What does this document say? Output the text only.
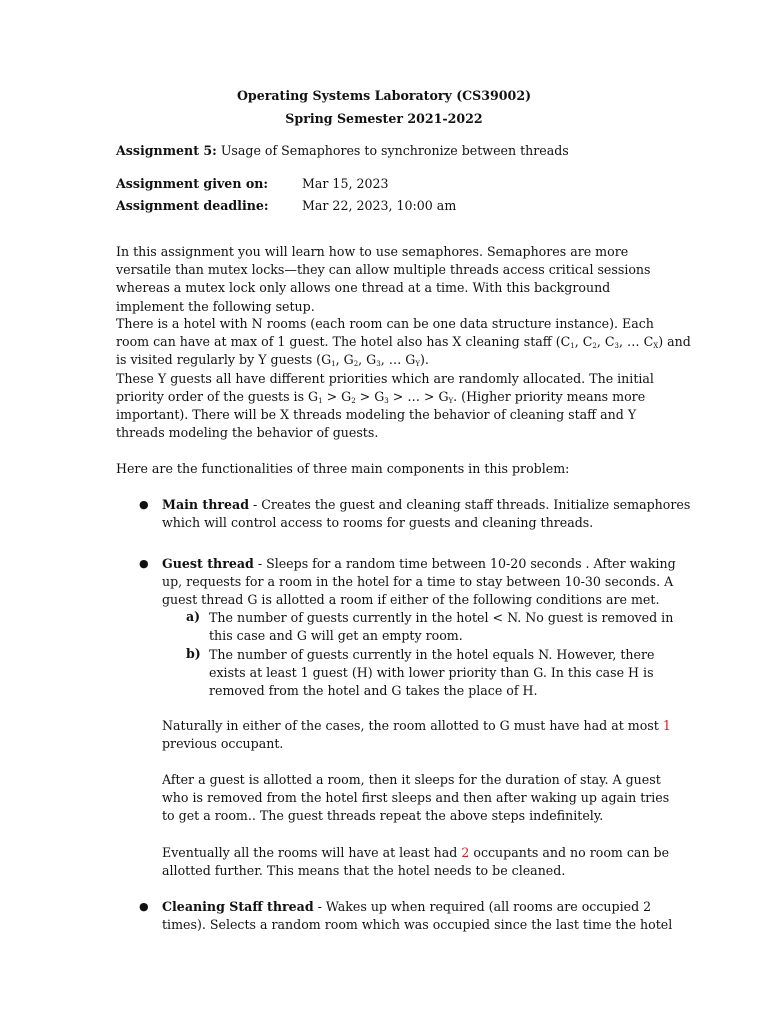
Operating Systems Laboratory (CS39002)
Spring Semester 2021-2022
Assignment 5: Usage of Semaphores to synchronize between threads
Assignment given on:	Mar 15, 2023
Assignment deadline:	Mar 22, 2023, 10:00 am
In this assignment you will learn how to use semaphores. Semaphores are more versatile than mutex locks—they can allow multiple threads access critical sessions whereas a mutex lock only allows one thread at a time. With this background implement the following setup.
There is a hotel with N rooms (each room can be one data structure instance). Each
room can have at max of 1 guest. The hotel also has X cleaning staff ($C_1$, $C_2$, $C_3$, … $C_X$) and
is visited regularly by Y guests ($G_1$, $G_2$, $G_3$, … $G_Y$).
These Y guests all have different priorities which are randomly allocated. The initial
priority order of the guests is $G_1 > G_2 > G_3$ > … > $G_Y$. (Higher priority means more
important). There will be X threads modeling the behavior of cleaning staff and Y
threads modeling the behavior of guests.
Here are the functionalities of three main components in this problem:
● Main thread - Creates the guest and cleaning staff threads. Initialize semaphores
which will control access to rooms for guests and cleaning threads.
● Guest thread - Sleeps for a random time between 10-20 seconds . After waking
up, requests for a room in the hotel for a time to stay between 10-30 seconds. A
guest thread G is allotted a room if either of the following conditions are met.
a) The number of guests currently in the hotel < N. No guest is removed in
this case and G will get an empty room.
b) The number of guests currently in the hotel equals N. However, there
exists at least 1 guest (H) with lower priority than G. In this case H is
removed from the hotel and G takes the place of H.
Naturally in either of the cases, the room allotted to G must have had at most 1
previous occupant.
After a guest is allotted a room, then it sleeps for the duration of stay. A guest
who is removed from the hotel first sleeps and then after waking up again tries
to get a room.. The guest threads repeat the above steps indefinitely.
Eventually all the rooms will have at least had 2 occupants and no room can be
allotted further. This means that the hotel needs to be cleaned.
● Cleaning Staff thread - Wakes up when required (all rooms are occupied 2
times). Selects a random room which was occupied since the last time the hotel
